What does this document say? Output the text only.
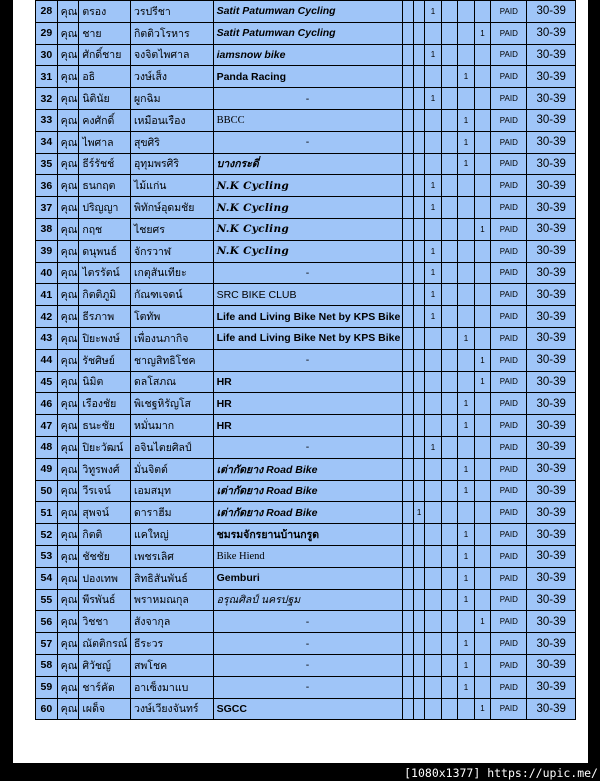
28	คุณ	ตรอง	วรปรีชา	Satit Patumwan Cycling			1				PAID	30-39
29	คุณ	ชาย	กิตติวโรหาร	Satit Patumwan Cycling						1	PAID	30-39
30	คุณ	ศักดิ์ชาย	จงจิตไพศาล	iamsnow bike			1				PAID	30-39
31	คุณ	อธิ	วงษ์เส็ง	Panda Racing					1		PAID	30-39
32	คุณ	นิตินัย	ผูกฉิม	-			1				PAID	30-39
33	คุณ	คงศักดิ์	เหมือนเรือง	BBCC					1		PAID	30-39
34	คุณ	ไพศาล	สุขศิริ	-					1		PAID	30-39
35	คุณ	ธีร์รัชช์	อุทุมพรศิริ	บางกระดี่					1		PAID	30-39
36	คุณ	ธนกฤต	ไม้แก่น	N.K Cycling			1				PAID	30-39
37	คุณ	ปริญญา	พิทักษ์อุดมชัย	N.K Cycling			1				PAID	30-39
38	คุณ	กฤช	ไชยศร	N.K Cycling						1	PAID	30-39
39	คุณ	ดนุพนธ์	จักรวาฬ	N.K Cycling			1				PAID	30-39
40	คุณ	ไตรรัตน์	เกตุสันเทียะ	-			1				PAID	30-39
41	คุณ	กิตติภูมิ	กัณฑเจดน์	SRC BIKE CLUB			1				PAID	30-39
42	คุณ	ธีรภาพ	โตทัพ	Life and Living Bike Net by KPS Bike			1				PAID	30-39
43	คุณ	ปิยะพงษ์	เพื่องนภากิจ	Life and Living Bike Net by KPS Bike					1		PAID	30-39
44	คุณ	รัชศิษย์	ชาญสิทธิโชค	-						1	PAID	30-39
45	คุณ	นิมิต	ดลโสภณ	HR						1	PAID	30-39
46	คุณ	เรืองชัย	พิเชฐหิรัญโส	HR					1		PAID	30-39
47	คุณ	ธนะชัย	หมั่นมาก	HR					1		PAID	30-39
48	คุณ	ปิยะวัฒน์	อจินไตยศิลป์	-			1				PAID	30-39
49	คุณ	วิทูรพงศ์	มั่นจิตต์	เต่ากัดยาง Road Bike					1		PAID	30-39
50	คุณ	วีรเจน์	เอมสมุท	เต่ากัดยาง Road Bike					1		PAID	30-39
51	คุณ	สุพจน์	ดาราฮีม	เต่ากัดยาง Road Bike		1					PAID	30-39
52	คุณ	กิตติ	แคใหญ่	ชมรมจักรยานบ้านกรูด					1		PAID	30-39
53	คุณ	ชัชชัย	เพชรเลิศ	Bike Hiend					1		PAID	30-39
54	คุณ	ปองเทพ	สิทธิสันพันธ์	Gemburi					1		PAID	30-39
55	คุณ	พีรพันธ์	พราหมณกุล	อรุณศิลป์ นครปฐม					1		PAID	30-39
56	คุณ	วิชชา	สังจากุล	-						1	PAID	30-39
57	คุณ	ณัตติกรณ์	ธีระวร	-					1		PAID	30-39
58	คุณ	ศิวัชญ์	สพโชค	-					1		PAID	30-39
59	คุณ	ชาร์คัด	อาเซ็งมาแบ	-					1		PAID	30-39
60	คุณ	เผด็จ	วงษ์เวียงจันทร์	SGCC						1	PAID	30-39
[1080x1377] https://upic.me/
